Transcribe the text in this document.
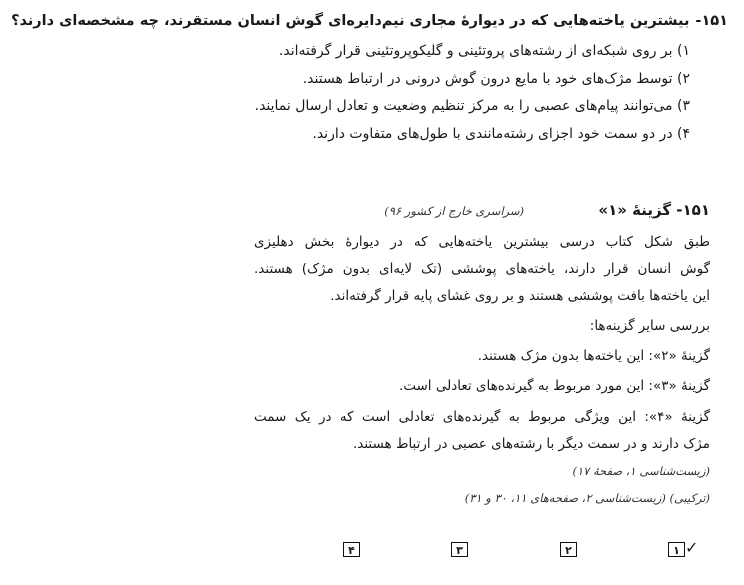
۱۵۱-بیشترین یاخته‌هایی که در دیوارهٔ مجاری نیم‌دایره‌ای گوش انسان مستقرند، چه مشخصه‌ای دارند؟
۱) بر روی شبکه‌ای از رشته‌های پروتئینی و گلیکوپروتئینی قرار گرفته‌اند.
۲) توسط مژک‌های خود با مایع درون گوش درونی در ارتباط هستند.
۳) می‌توانند پیام‌های عصبی را به مرکز تنظیم وضعیت و تعادل ارسال نمایند.
۴) در دو سمت خود اجزای رشته‌مانندی با طول‌های متفاوت دارند.
۱۵۱- گزینهٔ «۱»
(سراسری خارج از کشور ۹۶)
طبق شکل کتاب درسی بیشترین یاخته‌هایی که در دیوارهٔ بخش دهلیزی
گوش انسان قرار دارند، یاخته‌های پوششی (تک لایه‌ای بدون مژک) هستند.
این یاخته‌ها بافت پوششی هستند و بر روی غشای پایه قرار گرفته‌اند.
بررسی سایر گزینه‌ها:
گزینهٔ «۲»: این یاخته‌ها بدون مژک هستند.
گزینهٔ «۳»: این مورد مربوط به گیرنده‌های تعادلی است.
گزینهٔ «۴»: این ویژگی مربوط به گیرنده‌های تعادلی است که در یک سمت
مژک دارند و در سمت دیگر با رشته‌های عصبی در ارتباط هستند.
(زیست‌شناسی ۱، صفحهٔ ۱۷)
(ترکیبی) (زیست‌شناسی ۲، صفحه‌های ۱۱، ۳۰ و ۳۱)
✓
۱
۲
۳
۴
